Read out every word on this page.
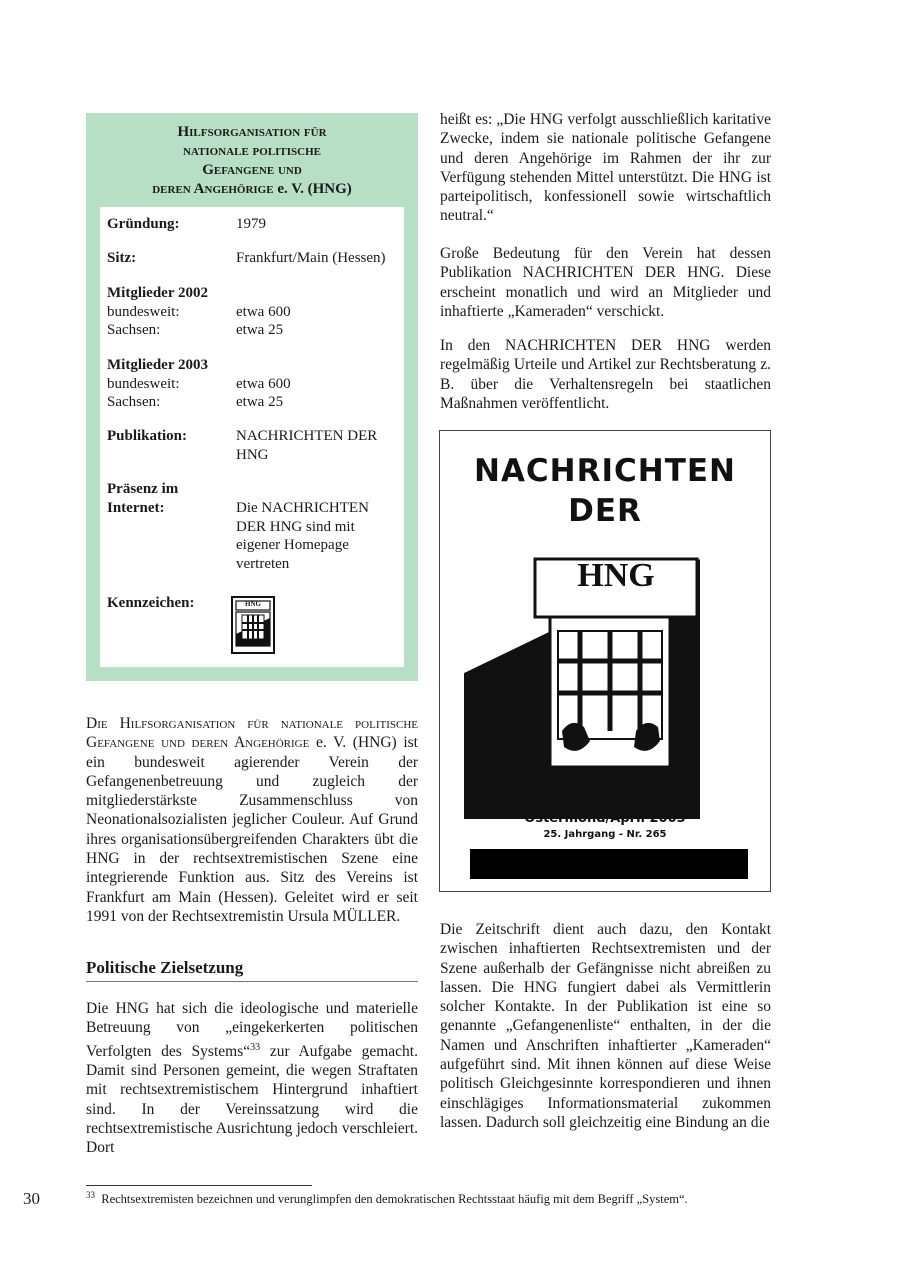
Hilfsorganisation für
nationale politische
Gefangene und
deren Angehörige e. V. (HNG)
Gründung:	1979
Sitz:	Frankfurt/Main (Hessen)
Mitglieder 2002
bundesweit:	etwa 600
Sachsen:	etwa 25
Mitglieder 2003
bundesweit:	etwa 600
Sachsen:	etwa 25
Publikation:	NACHRICHTEN DER HNG
Präsenz im
Internet:	Die NACHRICHTEN DER HNG sind mit eigener Homepage vertreten
Kennzeichen:	HNG
Die Hilfsorganisation für nationale politische Gefangene und deren Angehörige e. V. (HNG) ist ein bundesweit agierender Verein der Gefangenenbetreuung und zugleich der mitgliederstärkste Zusammenschluss von Neonationalsozialisten jeglicher Couleur. Auf Grund ihres organisationsübergreifenden Charakters übt die HNG in der rechtsextremistischen Szene eine integrierende Funktion aus. Sitz des Vereins ist Frankfurt am Main (Hessen). Geleitet wird er seit 1991 von der Rechtsextremistin Ursula MÜLLER.
Politische Zielsetzung
Die HNG hat sich die ideologische und materielle Betreuung von „eingekerkerten politischen Verfolgten des Systems“$^{33}$ zur Aufgabe gemacht. Damit sind Personen gemeint, die wegen Straftaten mit rechtsextremistischem Hintergrund inhaftiert sind. In der Vereinssatzung wird die rechtsextremistische Ausrichtung jedoch verschleiert. Dort
heißt es: „Die HNG verfolgt ausschließlich karitative Zwecke, indem sie nationale politische Gefangene und deren Angehörige im Rahmen der ihr zur Verfügung stehenden Mittel unterstützt. Die HNG ist parteipolitisch, konfessionell sowie wirtschaftlich neutral.“
Große Bedeutung für den Verein hat dessen Publikation NACHRICHTEN DER HNG. Diese erscheint monatlich und wird an Mitglieder und inhaftierte „Kameraden“ verschickt.
In den NACHRICHTEN DER HNG werden regelmäßig Urteile und Artikel zur Rechtsberatung z. B. über die Verhaltensregeln bei staatlichen Maßnahmen veröffentlicht.
NACHRICHTEN
DER
HNG
Ostermond/April 2003
25. Jahrgang - Nr. 265
Die Zeitschrift dient auch dazu, den Kontakt zwischen inhaftierten Rechtsextremisten und der Szene außerhalb der Gefängnisse nicht abreißen zu lassen. Die HNG fungiert dabei als Vermittlerin solcher Kontakte. In der Publikation ist eine so genannte „Gefangenenliste“ enthalten, in der die Namen und Anschriften inhaftierter „Kameraden“ aufgeführt sind. Mit ihnen können auf diese Weise politisch Gleichgesinnte korrespondieren und ihnen einschlägiges Informationsmaterial zukommen lassen. Dadurch soll gleichzeitig eine Bindung an die
$^{33}$ Rechtsextremisten bezeichnen und verunglimpfen den demokratischen Rechtsstaat häufig mit dem Begriff „System“.
30
